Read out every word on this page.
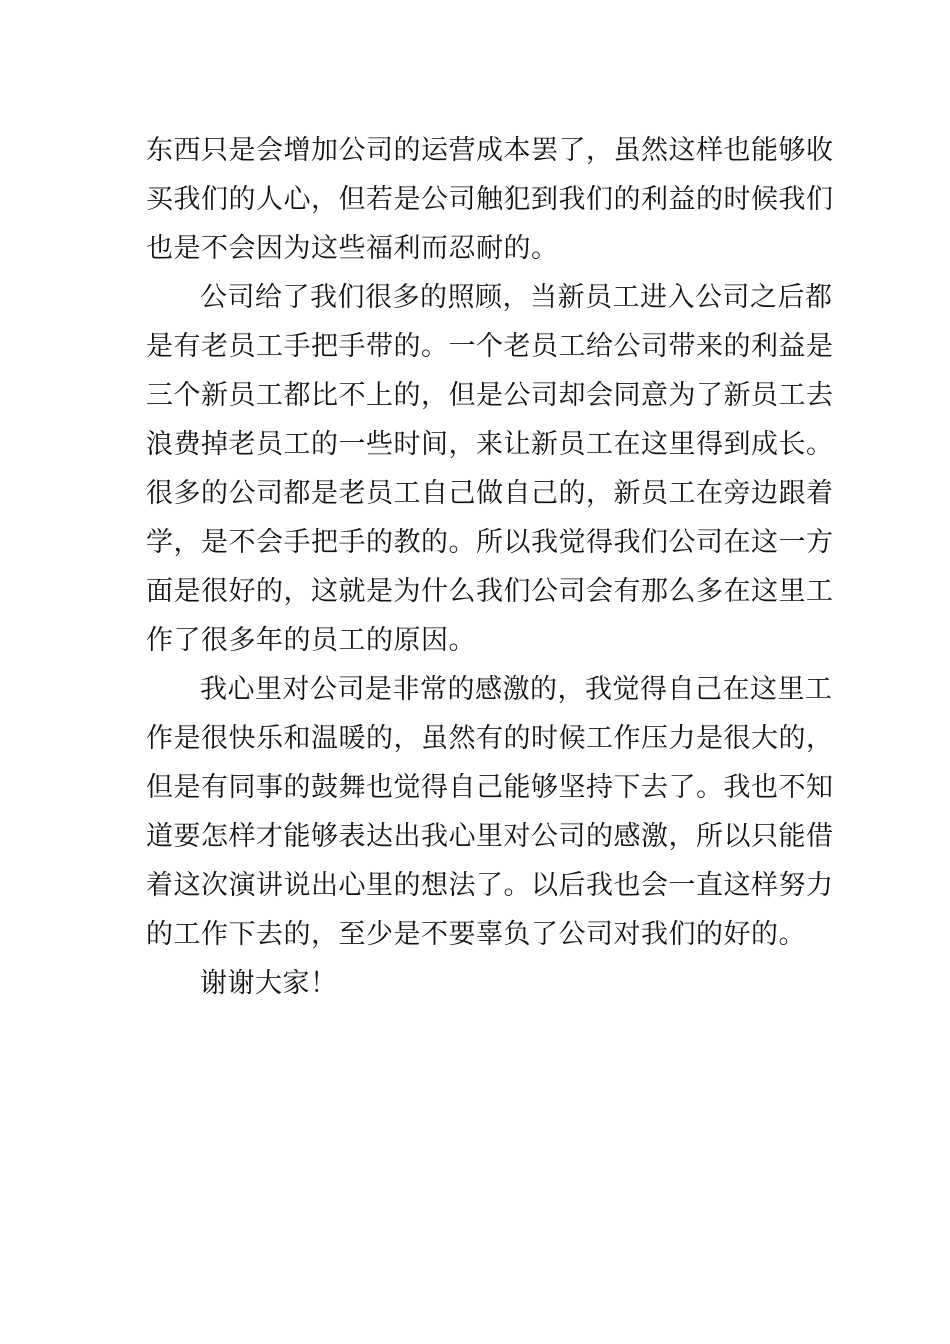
东西只是会增加公司的运营成本罢了，虽然这样也能够收
买我们的人心，但若是公司触犯到我们的利益的时候我们
也是不会因为这些福利而忍耐的。

公司给了我们很多的照顾，当新员工进入公司之后都
是有老员工手把手带的。一个老员工给公司带来的利益是
三个新员工都比不上的，但是公司却会同意为了新员工去
浪费掉老员工的一些时间，来让新员工在这里得到成长。
很多的公司都是老员工自己做自己的，新员工在旁边跟着
学，是不会手把手的教的。所以我觉得我们公司在这一方
面是很好的，这就是为什么我们公司会有那么多在这里工
作了很多年的员工的原因。

我心里对公司是非常的感激的，我觉得自己在这里工
作是很快乐和温暖的，虽然有的时候工作压力是很大的，
但是有同事的鼓舞也觉得自己能够坚持下去了。我也不知
道要怎样才能够表达出我心里对公司的感激，所以只能借
着这次演讲说出心里的想法了。以后我也会一直这样努力
的工作下去的，至少是不要辜负了公司对我们的好的。

谢谢大家！
